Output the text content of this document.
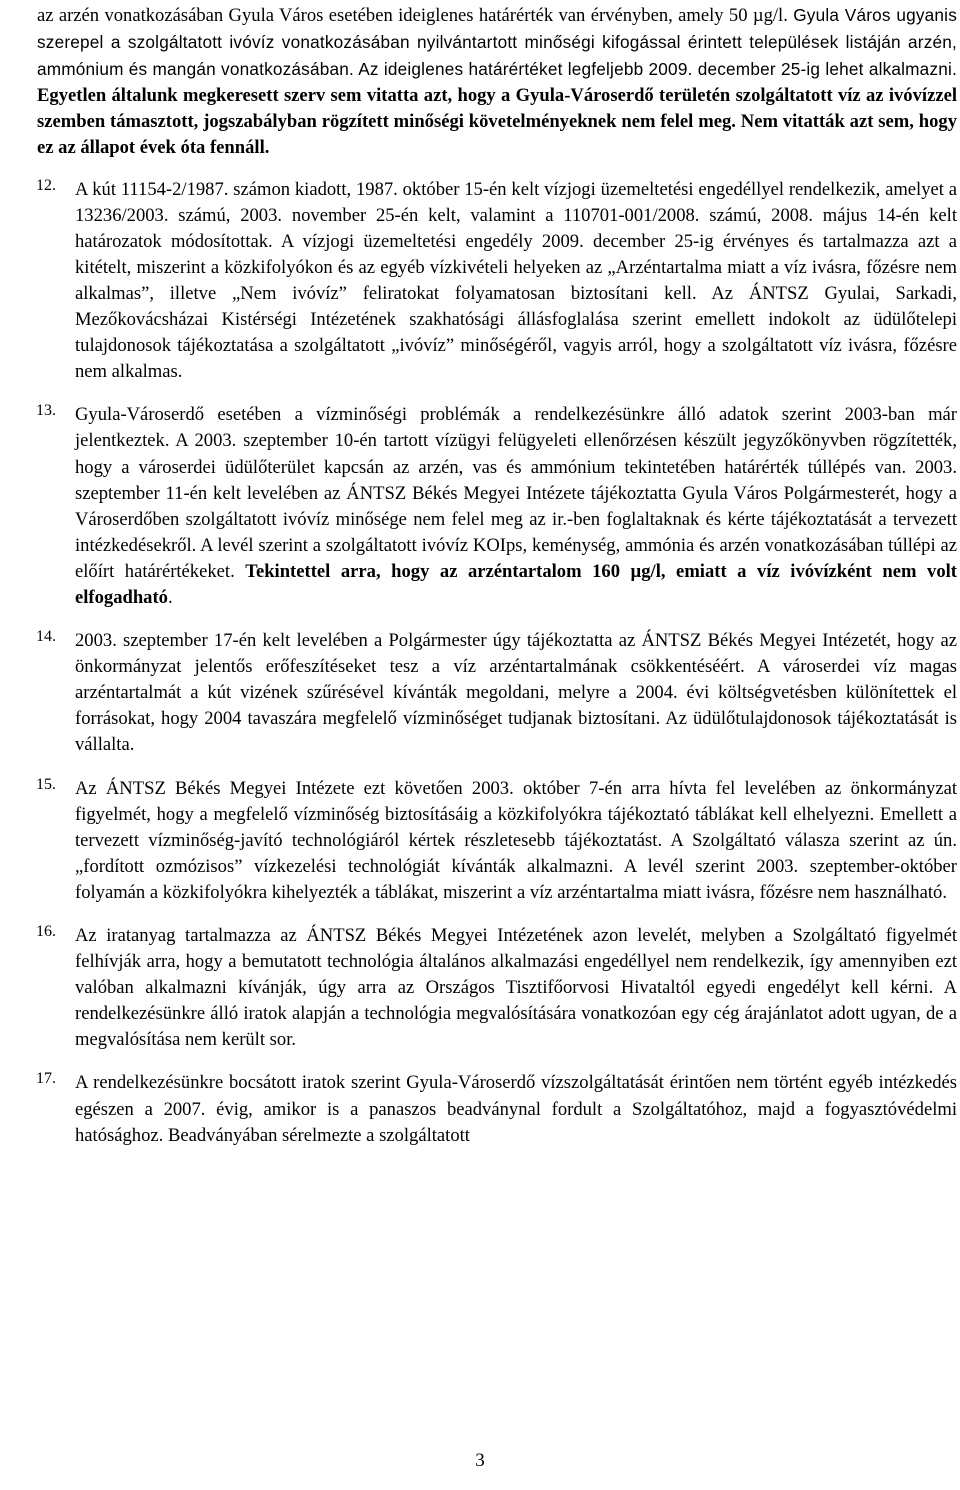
az arzén vonatkozásában Gyula Város esetében ideiglenes határérték van érvényben, amely 50 µg/l. Gyula Város ugyanis szerepel a szolgáltatott ivóvíz vonatkozásában nyilvántartott minőségi kifogással érintett települések listáján arzén, ammónium és mangán vonatkozásában. Az ideiglenes határértéket legfeljebb 2009. december 25-ig lehet alkalmazni. Egyetlen általunk megkeresett szerv sem vitatta azt, hogy a Gyula-Városerdő területén szolgáltatott víz az ivóvízzel szemben támasztott, jogszabályban rögzített minőségi követelményeknek nem felel meg. Nem vitatták azt sem, hogy ez az állapot évek óta fennáll.

12.	A kút 11154-2/1987. számon kiadott, 1987. október 15-én kelt vízjogi üzemeltetési engedéllyel rendelkezik, amelyet a 13236/2003. számú, 2003. november 25-én kelt, valamint a 110701-001/2008. számú, 2008. május 14-én kelt határozatok módosítottak. A vízjogi üzemeltetési engedély 2009. december 25-ig érvényes és tartalmazza azt a kitételt, miszerint a közkifolyókon és az egyéb vízkivételi helyeken az „Arzéntartalma miatt a víz ivásra, főzésre nem alkalmas”, illetve „Nem ivóvíz” feliratokat folyamatosan biztosítani kell. Az ÁNTSZ Gyulai, Sarkadi, Mezőkovácsházai Kistérségi Intézetének szakhatósági állásfoglalása szerint emellett indokolt az üdülőtelepi tulajdonosok tájékoztatása a szolgáltatott „ivóvíz” minőségéről, vagyis arról, hogy a szolgáltatott víz ivásra, főzésre nem alkalmas.

13.	Gyula-Városerdő esetében a vízminőségi problémák a rendelkezésünkre álló adatok szerint 2003-ban már jelentkeztek. A 2003. szeptember 10-én tartott vízügyi felügyeleti ellenőrzésen készült jegyzőkönyvben rögzítették, hogy a városerdei üdülőterület kapcsán az arzén, vas és ammónium tekintetében határérték túllépés van. 2003. szeptember 11-én kelt levelében az ÁNTSZ Békés Megyei Intézete tájékoztatta Gyula Város Polgármesterét, hogy a Városerdőben szolgáltatott ivóvíz minősége nem felel meg az ir.-ben foglaltaknak és kérte tájékoztatását a tervezett intézkedésekről. A levél szerint a szolgáltatott ivóvíz KOIps, keménység, ammónia és arzén vonatkozásában túllépi az előírt határértékeket. Tekintettel arra, hogy az arzéntartalom 160 µg/l, emiatt a víz ivóvízként nem volt elfogadható.

14.	2003. szeptember 17-én kelt levelében a Polgármester úgy tájékoztatta az ÁNTSZ Békés Megyei Intézetét, hogy az önkormányzat jelentős erőfeszítéseket tesz a víz arzéntartalmának csökkentéséért. A városerdei víz magas arzéntartalmát a kút vizének szűrésével kívánták megoldani, melyre a 2004. évi költségvetésben különítettek el forrásokat, hogy 2004 tavaszára megfelelő vízminőséget tudjanak biztosítani. Az üdülőtulajdonosok tájékoztatását is vállalta.

15.	Az ÁNTSZ Békés Megyei Intézete ezt követően 2003. október 7-én arra hívta fel levelében az önkormányzat figyelmét, hogy a megfelelő vízminőség biztosításáig a közkifolyókra tájékoztató táblákat kell elhelyezni. Emellett a tervezett vízminőség-javító technológiáról kértek részletesebb tájékoztatást. A Szolgáltató válasza szerint az ún. „fordított ozmózisos” vízkezelési technológiát kívánták alkalmazni. A levél szerint 2003. szeptember-október folyamán a közkifolyókra kihelyezték a táblákat, miszerint a víz arzéntartalma miatt ivásra, főzésre nem használható.

16.	Az iratanyag tartalmazza az ÁNTSZ Békés Megyei Intézetének azon levelét, melyben a Szolgáltató figyelmét felhívják arra, hogy a bemutatott technológia általános alkalmazási engedéllyel nem rendelkezik, így amennyiben ezt valóban alkalmazni kívánják, úgy arra az Országos Tisztifőorvosi Hivataltól egyedi engedélyt kell kérni. A rendelkezésünkre álló iratok alapján a technológia megvalósítására vonatkozóan egy cég árajánlatot adott ugyan, de a megvalósítása nem került sor.

17.	A rendelkezésünkre bocsátott iratok szerint Gyula-Városerdő vízszolgáltatását érintően nem történt egyéb intézkedés egészen a 2007. évig, amikor is a panaszos beadványnal fordult a Szolgáltatóhoz, majd a fogyasztóvédelmi hatósághoz. Beadványában sérelmezte a szolgáltatott

3
